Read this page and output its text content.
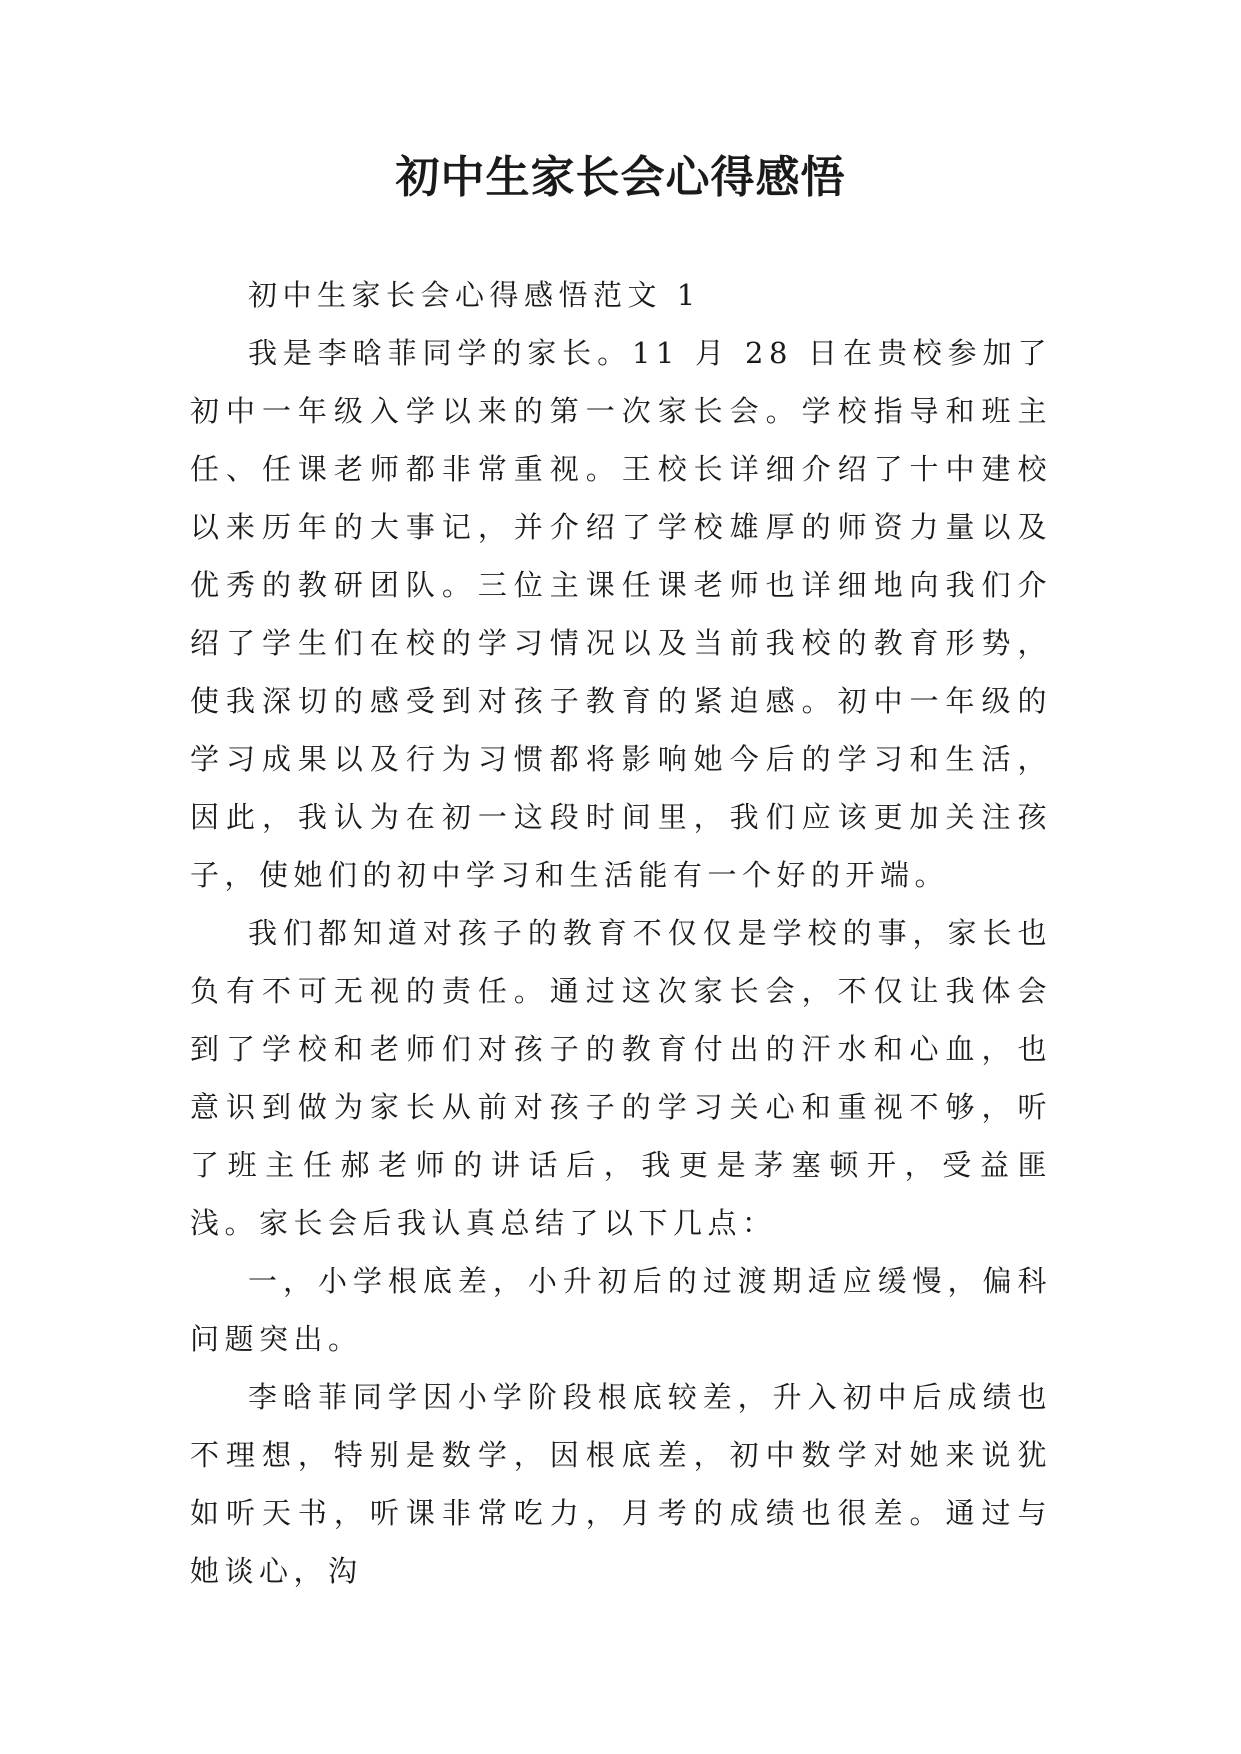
初中生家长会心得感悟

初中生家长会心得感悟范文 1

我是李晗菲同学的家长。11 月 28 日在贵校参加了初中一年级入学以来的第一次家长会。学校指导和班主任、任课老师都非常重视。王校长详细介绍了十中建校以来历年的大事记，并介绍了学校雄厚的师资力量以及优秀的教研团队。三位主课任课老师也详细地向我们介绍了学生们在校的学习情况以及当前我校的教育形势，使我深切的感受到对孩子教育的紧迫感。初中一年级的学习成果以及行为习惯都将影响她今后的学习和生活，因此，我认为在初一这段时间里，我们应该更加关注孩子，使她们的初中学习和生活能有一个好的开端。

我们都知道对孩子的教育不仅仅是学校的事，家长也负有不可无视的责任。通过这次家长会，不仅让我体会到了学校和老师们对孩子的教育付出的汗水和心血，也意识到做为家长从前对孩子的学习关心和重视不够，听了班主任郝老师的讲话后，我更是茅塞顿开，受益匪浅。家长会后我认真总结了以下几点：

一，小学根底差，小升初后的过渡期适应缓慢，偏科问题突出。

李晗菲同学因小学阶段根底较差，升入初中后成绩也不理想，特别是数学，因根底差，初中数学对她来说犹如听天书，听课非常吃力，月考的成绩也很差。通过与她谈心，沟
